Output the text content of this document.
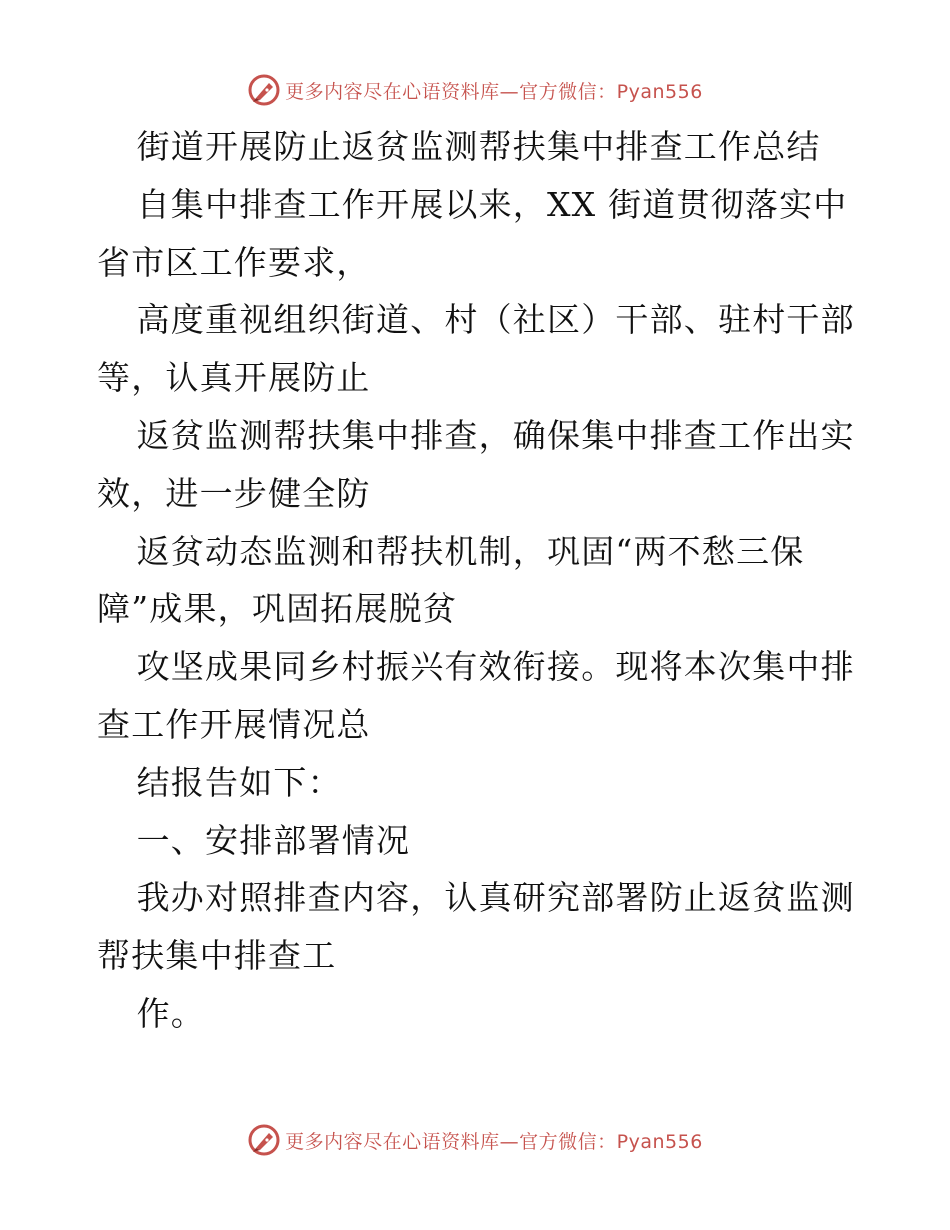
更多内容尽在心语资料库—官方微信：Pyan556

街道开展防止返贫监测帮扶集中排查工作总结

自集中排查工作开展以来，XX 街道贯彻落实中省市区工作要求，

高度重视组织街道、村（社区）干部、驻村干部等，认真开展防止

返贫监测帮扶集中排查，确保集中排查工作出实效，进一步健全防

返贫动态监测和帮扶机制，巩固“两不愁三保障”成果，巩固拓展脱贫

攻坚成果同乡村振兴有效衔接。现将本次集中排查工作开展情况总

结报告如下：

一、安排部署情况

我办对照排查内容，认真研究部署防止返贫监测帮扶集中排查工

作。

更多内容尽在心语资料库—官方微信：Pyan556
